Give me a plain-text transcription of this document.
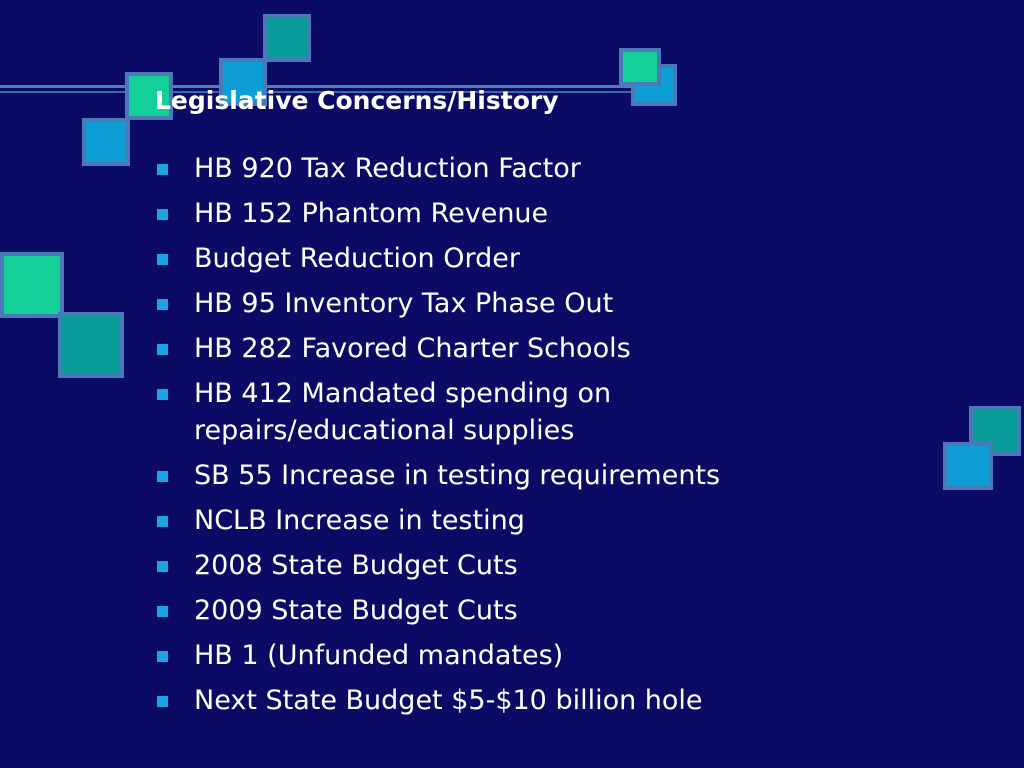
Legislative Concerns/History
HB 920 Tax Reduction Factor
HB 152 Phantom Revenue
Budget Reduction Order
HB 95 Inventory Tax Phase Out
HB 282 Favored Charter Schools
HB 412 Mandated spending on repairs/educational supplies
SB 55 Increase in testing requirements
NCLB Increase in testing
2008 State Budget Cuts
2009 State Budget Cuts
HB 1 (Unfunded mandates)
Next State Budget $5-$10 billion hole
